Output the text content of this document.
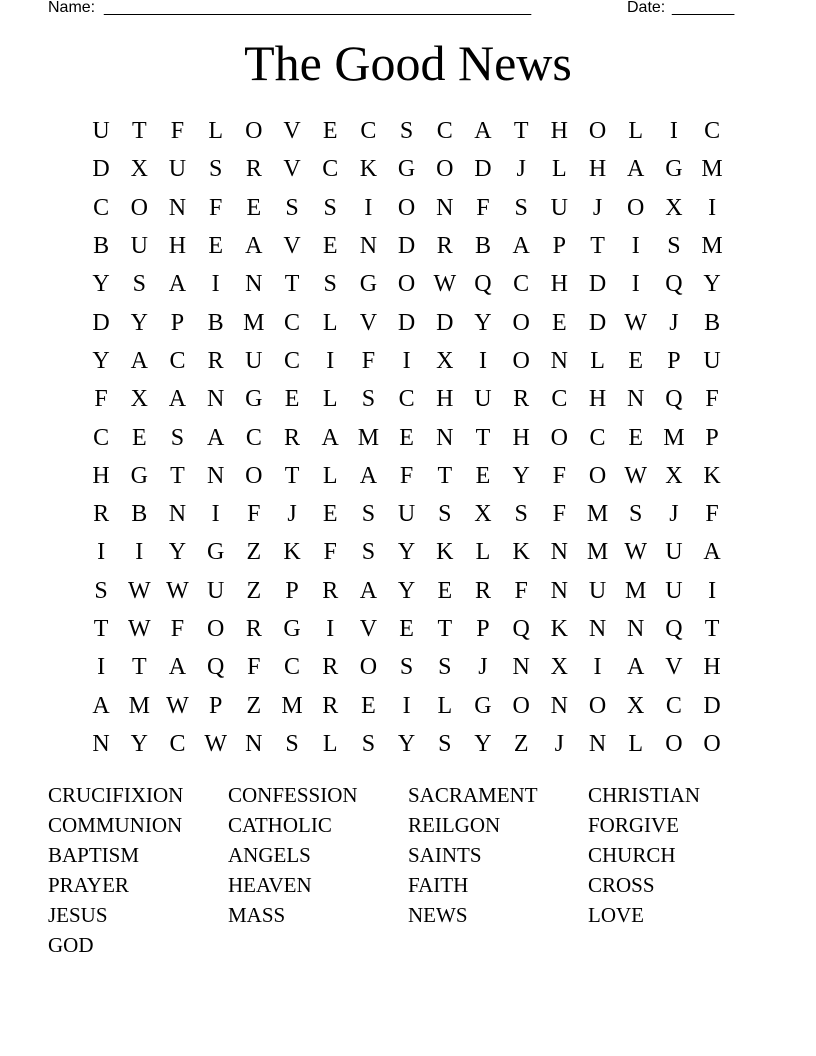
Name: ________________________________________________	Date: _______
The Good News
U T	F	L O V E C S C A T H O L	I	C
D X U S R V C K G O D	J	L H A G M
C O N F	E	S	S	I	O N F	S U	J	O X	I
B U H E A V E N D R B A P	T	I	S M
Y S A	I	N T	S G O W Q C H D	I	Q Y
D Y P B M C L V D D Y O E D W J	B
Y A C R U C	I	F	I	X	I	O N L E	P U
F X A N G E L	S C H U R C H N Q F
C E	S A C R A M E N T H O C E M P
H G T N O T L A F	T E Y F O W X K
R B N	I	F	J	E	S U S X S	F M S	J	F
I	I	Y G Z K F	S Y K L K N M W U A
S W W U Z	P R A Y E R F N U M U	I
T W F O R G	I	V E T	P Q K N N Q T
I	T A Q F C R O S	S	J	N X	I	A V H
A M W P	Z M R E	I	L G O N O X C D
N Y C W N S	L	S Y S Y Z	J	N L O O
CRUCIFIXION	CONFESSION	SACRAMENT	CHRISTIAN
COMMUNION	CATHOLIC	REILGON	FORGIVE
BAPTISM	ANGELS	SAINTS	CHURCH
PRAYER	HEAVEN	FAITH	CROSS
JESUS	MASS	NEWS	LOVE
GOD
